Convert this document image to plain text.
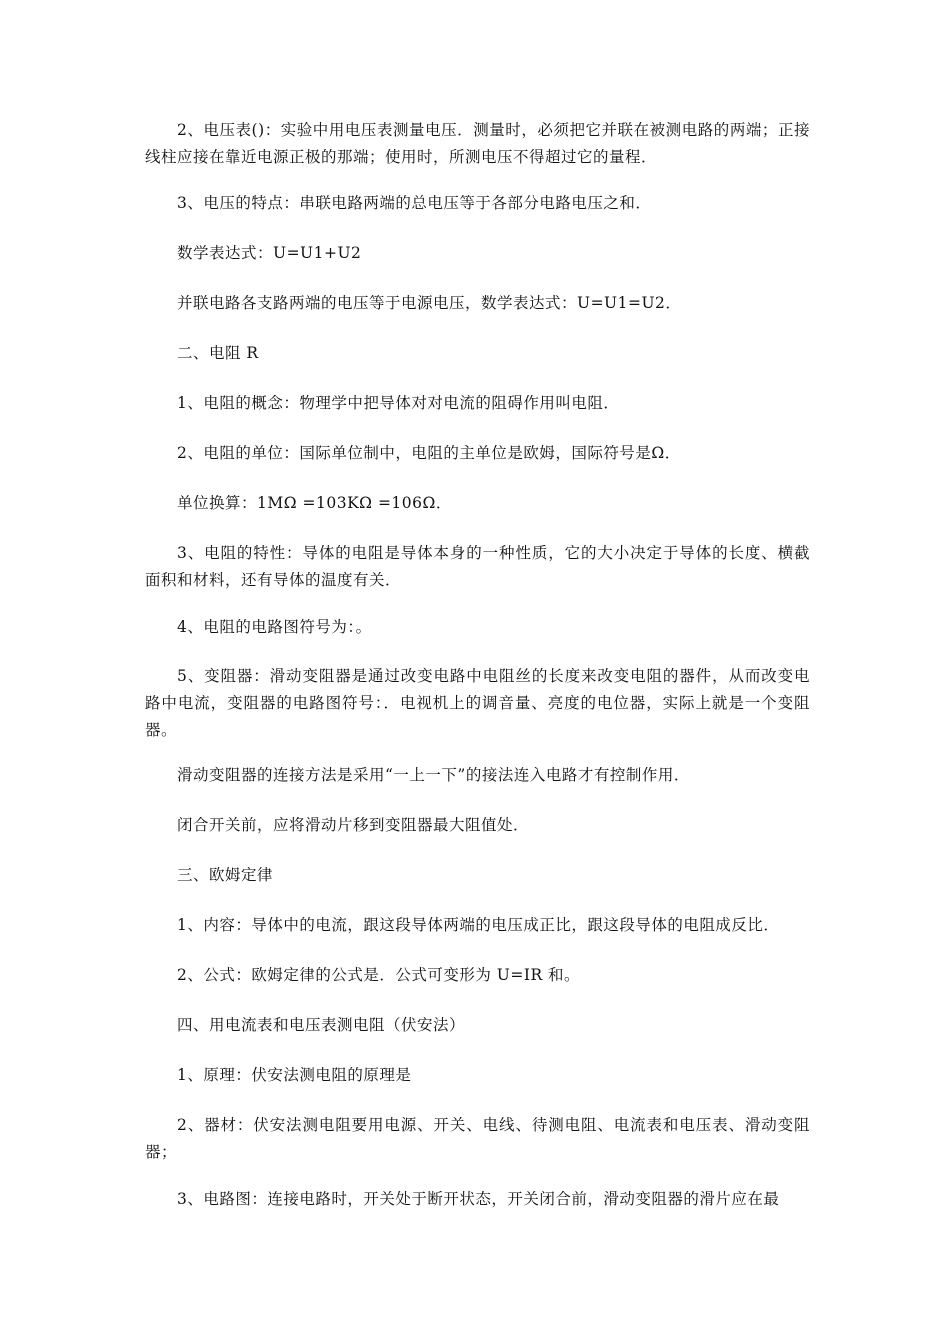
2、电压表()：实验中用电压表测量电压．测量时，必须把它并联在被测电路的两端；正接线柱应接在靠近电源正极的那端；使用时，所测电压不得超过它的量程．

3、电压的特点：串联电路两端的总电压等于各部分电路电压之和．

数学表达式：U=U1+U2

并联电路各支路两端的电压等于电源电压，数学表达式：U=U1=U2．

二、电阻 R

1、电阻的概念：物理学中把导体对对电流的阻碍作用叫电阻．

2、电阻的单位：国际单位制中，电阻的主单位是欧姆，国际符号是Ω．

单位换算：1MΩ =103KΩ =106Ω．

3、电阻的特性：导体的电阻是导体本身的一种性质，它的大小决定于导体的长度、横截面积和材料，还有导体的温度有关．

4、电阻的电路图符号为：。

5、变阻器：滑动变阻器是通过改变电路中电阻丝的长度来改变电阻的器件，从而改变电路中电流，变阻器的电路图符号：．电视机上的调音量、亮度的电位器，实际上就是一个变阻器。

滑动变阻器的连接方法是采用“一上一下”的接法连入电路才有控制作用．

闭合开关前，应将滑动片移到变阻器最大阻值处．

三、欧姆定律

1、内容：导体中的电流，跟这段导体两端的电压成正比，跟这段导体的电阻成反比．

2、公式：欧姆定律的公式是．公式可变形为 U=IR 和。

四、用电流表和电压表测电阻（伏安法）

1、原理：伏安法测电阻的原理是

2、器材：伏安法测电阻要用电源、开关、电线、待测电阻、电流表和电压表、滑动变阻器；

3、电路图：连接电路时，开关处于断开状态，开关闭合前，滑动变阻器的滑片应在最
